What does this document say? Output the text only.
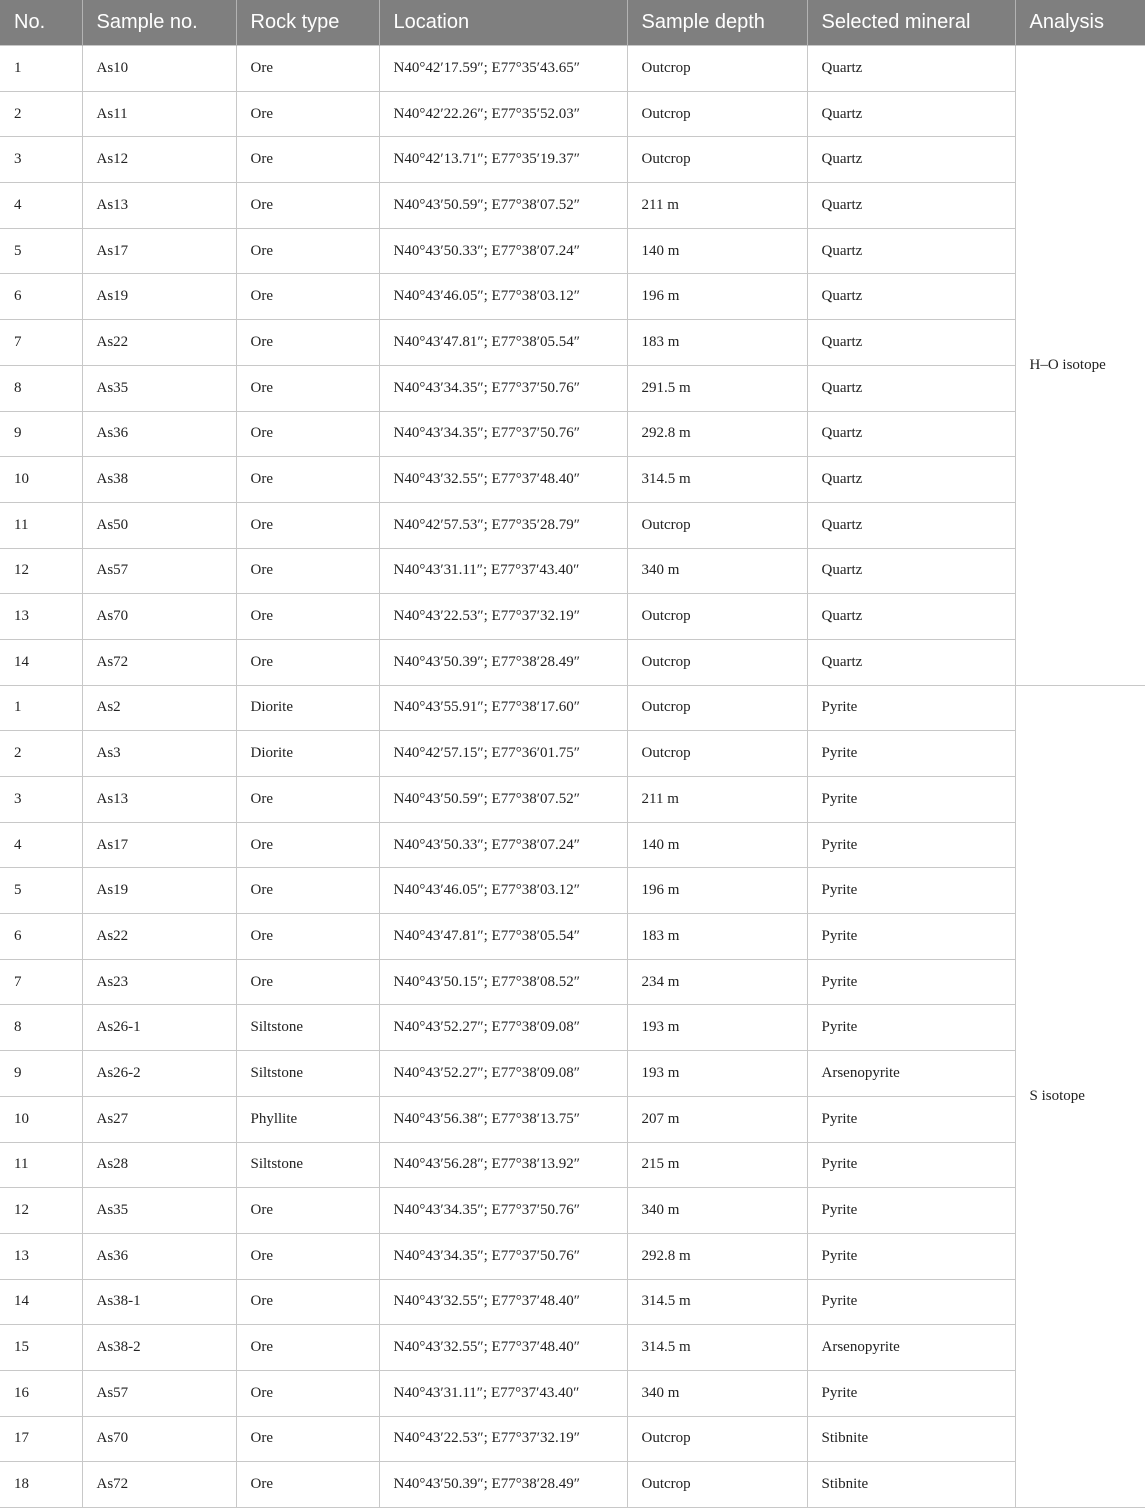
No.	Sample no.	Rock type	Location	Sample depth	Selected mineral	Analysis
1	As10	Ore	N40°42′17.59″; E77°35′43.65″	Outcrop	Quartz	H–O isotope
2	As11	Ore	N40°42′22.26″; E77°35′52.03″	Outcrop	Quartz	
3	As12	Ore	N40°42′13.71″; E77°35′19.37″	Outcrop	Quartz	
4	As13	Ore	N40°43′50.59″; E77°38′07.52″	211 m	Quartz	
5	As17	Ore	N40°43′50.33″; E77°38′07.24″	140 m	Quartz	
6	As19	Ore	N40°43′46.05″; E77°38′03.12″	196 m	Quartz	
7	As22	Ore	N40°43′47.81″; E77°38′05.54″	183 m	Quartz	
8	As35	Ore	N40°43′34.35″; E77°37′50.76″	291.5 m	Quartz	
9	As36	Ore	N40°43′34.35″; E77°37′50.76″	292.8 m	Quartz	
10	As38	Ore	N40°43′32.55″; E77°37′48.40″	314.5 m	Quartz	
11	As50	Ore	N40°42′57.53″; E77°35′28.79″	Outcrop	Quartz	
12	As57	Ore	N40°43′31.11″; E77°37′43.40″	340 m	Quartz	
13	As70	Ore	N40°43′22.53″; E77°37′32.19″	Outcrop	Quartz	
14	As72	Ore	N40°43′50.39″; E77°38′28.49″	Outcrop	Quartz	
1	As2	Diorite	N40°43′55.91″; E77°38′17.60″	Outcrop	Pyrite	S isotope
2	As3	Diorite	N40°42′57.15″; E77°36′01.75″	Outcrop	Pyrite	
3	As13	Ore	N40°43′50.59″; E77°38′07.52″	211 m	Pyrite	
4	As17	Ore	N40°43′50.33″; E77°38′07.24″	140 m	Pyrite	
5	As19	Ore	N40°43′46.05″; E77°38′03.12″	196 m	Pyrite	
6	As22	Ore	N40°43′47.81″; E77°38′05.54″	183 m	Pyrite	
7	As23	Ore	N40°43′50.15″; E77°38′08.52″	234 m	Pyrite	
8	As26-1	Siltstone	N40°43′52.27″; E77°38′09.08″	193 m	Pyrite	
9	As26-2	Siltstone	N40°43′52.27″; E77°38′09.08″	193 m	Arsenopyrite	
10	As27	Phyllite	N40°43′56.38″; E77°38′13.75″	207 m	Pyrite	
11	As28	Siltstone	N40°43′56.28″; E77°38′13.92″	215 m	Pyrite	
12	As35	Ore	N40°43′34.35″; E77°37′50.76″	340 m	Pyrite	
13	As36	Ore	N40°43′34.35″; E77°37′50.76″	292.8 m	Pyrite	
14	As38-1	Ore	N40°43′32.55″; E77°37′48.40″	314.5 m	Pyrite	
15	As38-2	Ore	N40°43′32.55″; E77°37′48.40″	314.5 m	Arsenopyrite	
16	As57	Ore	N40°43′31.11″; E77°37′43.40″	340 m	Pyrite	
17	As70	Ore	N40°43′22.53″; E77°37′32.19″	Outcrop	Stibnite	
18	As72	Ore	N40°43′50.39″; E77°38′28.49″	Outcrop	Stibnite	
